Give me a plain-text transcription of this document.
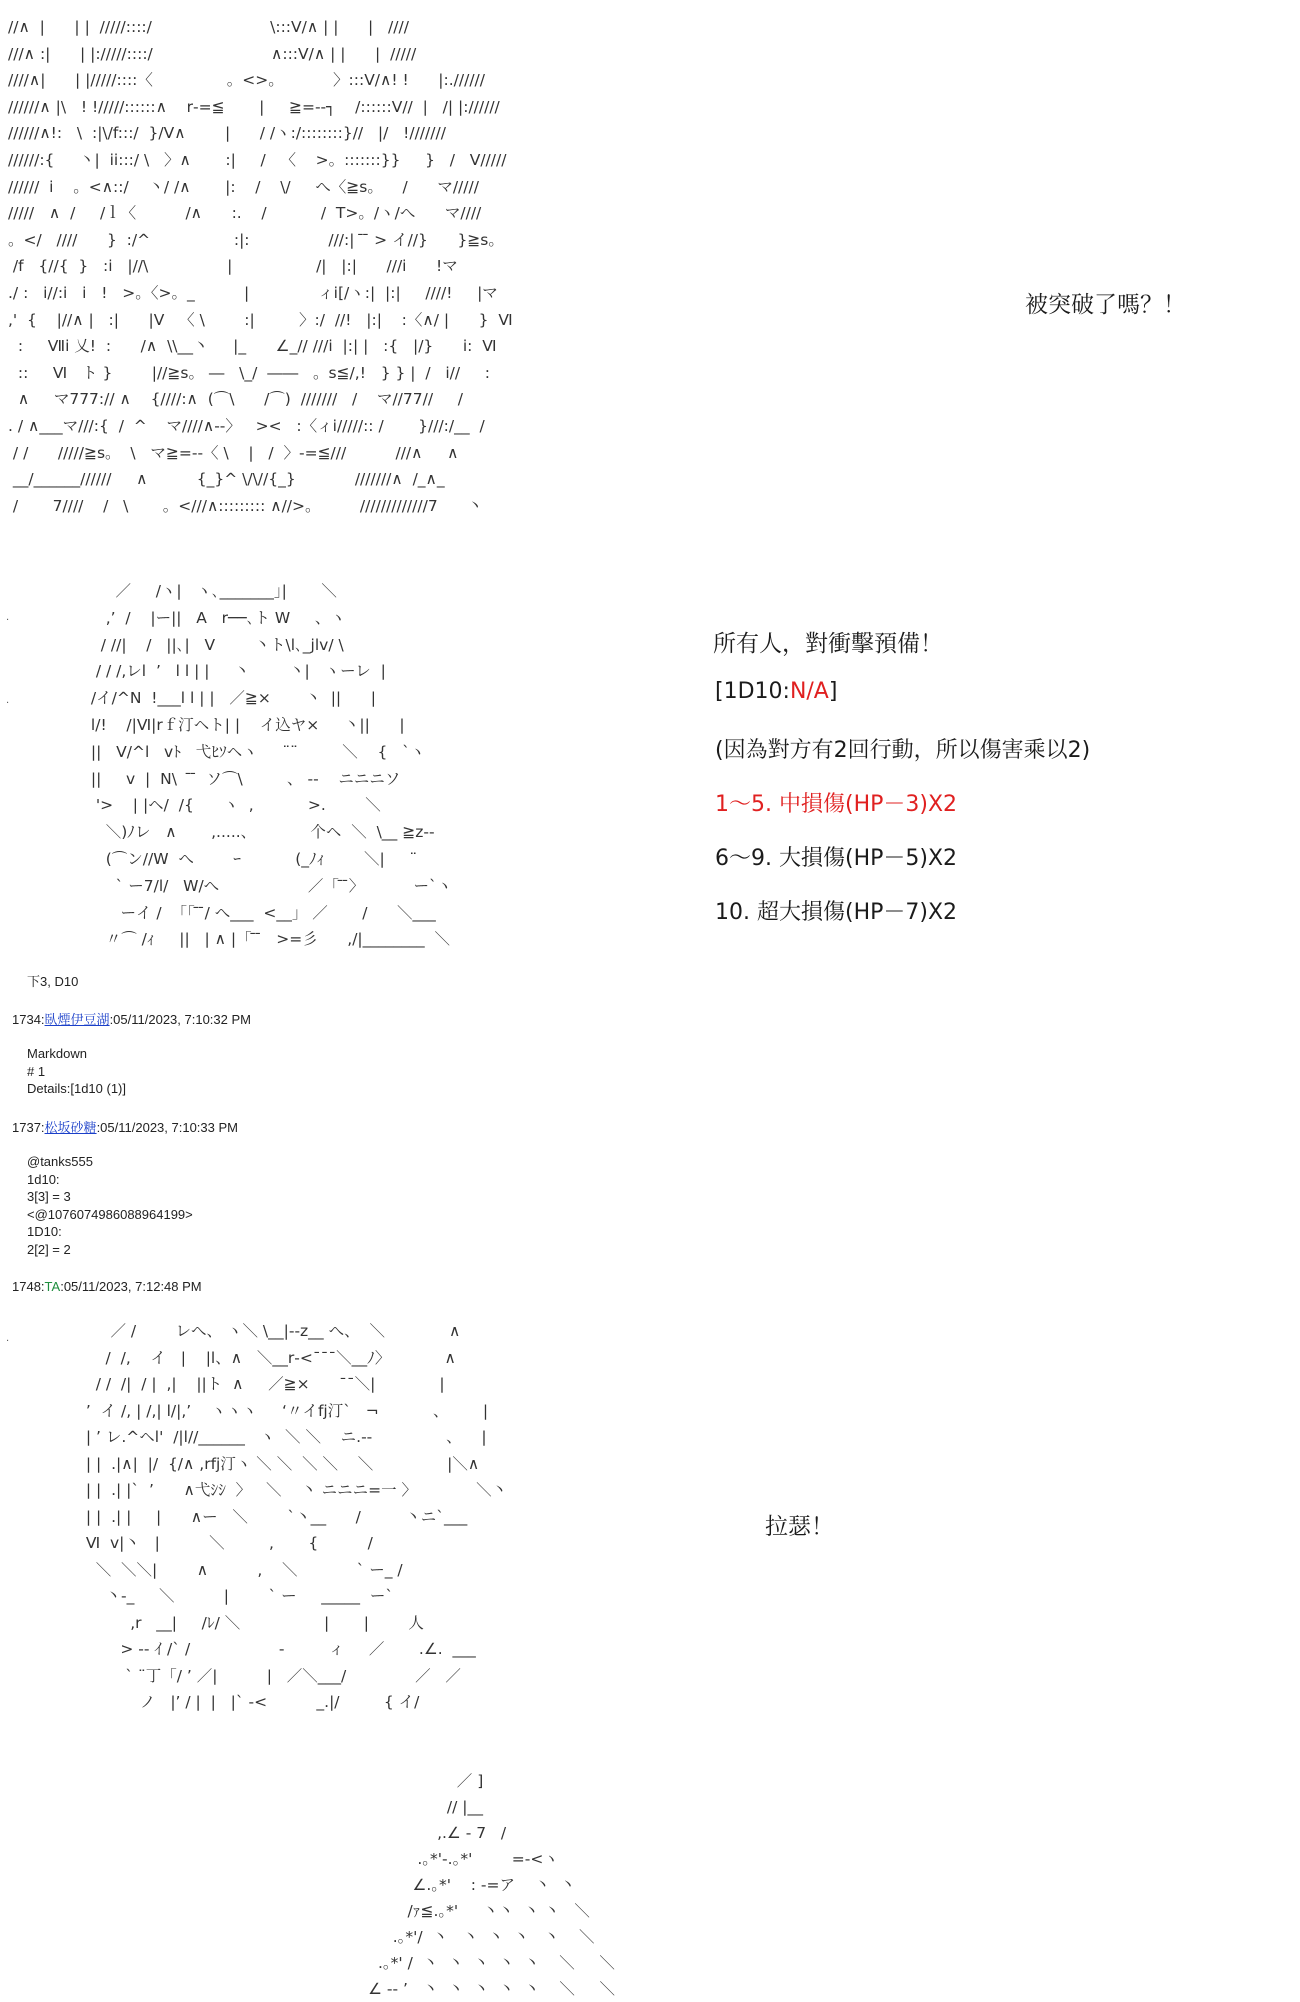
//∧  |      | |  /////::::/                        \:::V/∧ | |      |   ////
///∧ :|      | |://///::::/                        ∧:::V/∧ | |      |  /////
////∧|      | |/////::::〈               。<>。          〉:::V/∧! !      |:.//////
//////∧ |\   ! !/////::::::∧    r‐=≦       |     ≧=‐‐┐    /::::::V//  |   /| |://////
//////∧!:   \  :|\/f:::/  }/V∧        |      / /ヽ:/::::::::}//   |/   !///////
//////:{     丶|  ii:::/ \   〉∧       :|     /   〈    >。:::::::}}     }   /   V/////
//////  i    。<∧::/    丶/ /∧       |:    /    \/     へ〈≧s。    /      マ/////
/////   ∧  /     /ｌ〈          /∧      :.    /           /  T>。/ヽ/へ      マ////
。</   ////      }  :/^                 :|:                ///:|  ̄ ̄ > イ//}      }≧s。
/f   {//{  }   :i   |//\                |                 /|   |:|      ///i      !マ
./ :   i//:i   i   !   >。〈>。_          |              ィi[/ヽ:|  |:|     ////!     |マ
,'  {    |//∧ |   :|      |V   〈 \        :|         〉:/  //!   |:|    :〈∧/ |      }  Ⅵ
:     Ⅶi 乂!  :      /∧  \\__丶     |_      ∠_// ///i  |:| |   :{   |/}      i:  Ⅵ
::     Ⅵ   ト }        |//≧s。 ―   \_/  ――   。s≦/,!   } } |  /   i//     :
∧     マ777:// ∧    {////:∧  (⌒\      /⌒)  ///////   /    マ//77//     /
. / ∧___マ///:{  /  ^    マ////∧‐‐〉   ><   :〈ィi/////:: /       }///:/__  /
/ /      /////≧s。  \   マ≧=‐‐〈 \    |   /  〉‐=≦///          ///∧     ∧
__/______//////     ∧          {_}^ \/\//{_}            ///////∧  /_∧_
/       7////    /   \       。<///∧::::::::: ∧//>。        /////////////7      丶
被突破了嗎？！
.
.
／     /ヽ|   ヽ､_______｣|       ＼
,’  /    |ー||   A   r──､ト W     、ヽ
/ //|    /   ||､|   V        丶ト\l､_jlv/ \
/ / /,レl  ’   l l | |     丶        丶|   ヽーレ  |
/イ/^N  !___l l | |   ／≧×       丶  ||      |
l/!    /|Ⅵ|rｆ汀ヘト| |    イ込ヤ×     丶||      |
||   V/^l   vﾄ   弋ﾋｿヘヽ     ¨¨         ＼    {   `ヽ
||     v  |  N\   ̄ ̄  ソ⌒\         、 -‐    ニニニソ
'>    | |ヘ/  /{      ヽ  ,           >.        ＼
＼)ﾉレ   ∧       ,.....、           个ヘ  ＼  \__ ≧z‐-
(⌒ン//W  へ        ｰ           (_ﾉｨ        ＼|     ¨
` ー7/l/   W/へ                  ／「 ̄ ̄〉          ー`ヽ
ーイ /  「「 ̄ ̄/ へ___  <__」 ／       /      ＼___
〃⌒ /ｨ     ||   | ∧ |「 ̄ ̄   >=彡      ,/|________  ＼
所有人，對衝擊預備！
[1D10:N/A]
(因為對方有2回行動，所以傷害乘以2)
1～5. 中損傷(HP－3)X2
6～9. 大損傷(HP－5)X2
10. 超大損傷(HP－7)X2
下3, D10
1734:臥煙伊豆湖:05/11/2023, 7:10:32 PM
Markdown
# 1
Details:[1d10 (1)]
1737:松坂砂糖:05/11/2023, 7:10:33 PM
@tanks555
1d10:
3[3] = 3
<@1076074986088964199>
1D10:
2[2] = 2
1748:TA:05/11/2023, 7:12:48 PM
.	／ /        レへ、 ヽ＼ \__|‐‐z__ へ、  ＼             ∧
/  /,    イ   |    |l、∧   ＼__r‐<¯¯¯＼__ﾉ〉           ∧
/ /  /|  / |  ,|    ||ト  ∧     ／≧×      ¯¯＼|             |
’  イ /, | /,| l/|,’    ヽヽヽ     ‘〃イfj汀`   ¬           、       |
| ’ レ.^ヘl'  /|l//______   ヽ  ＼ ＼    ニ.-‐               、    |
| |  .|∧|  |/  {/∧ ,rfj汀ヽ ＼ ＼  ＼ ＼    ＼               |＼∧
| |  .| |`  ’      ∧弋ｼｼ  〉   ＼    丶 ニニニ=一 〉            ＼丶
| |  .| |     |      ∧ー   ＼        `丶__      /         丶ニ`___
Ⅵ  v|丶   |          ＼         ,       {          /
＼  ＼＼|        ∧          ,    ＼            ` ー_ /
丶‐_     ＼          |        ` ー     _____  ー`
,r   __|     /ﾚ/ ＼                 |       |        人
> ‐‐ ｲ /` /                  ‐         ィ     ／       .∠.  ___
` ¨丁「/ ’ ／|          |   ／＼___/              ／   ／
ノ   |’ / |  |   |` ‐<          _.|/         { イ/
拉瑟！
／ ]
// |__
,.∠ - 7   /
.｡*'-.｡*'        =‐<ヽ
∠.｡*'    : ‐=ア    丶  丶
/ｧ≦.｡*'     丶丶  丶 丶   ＼
.｡*'/  丶   丶  丶  丶   丶    ＼
.｡*' /  丶  丶  丶  丶  丶    ＼     ＼
∠ ‐‐ ’   丶  丶  丶  丶  丶    ＼     ＼
